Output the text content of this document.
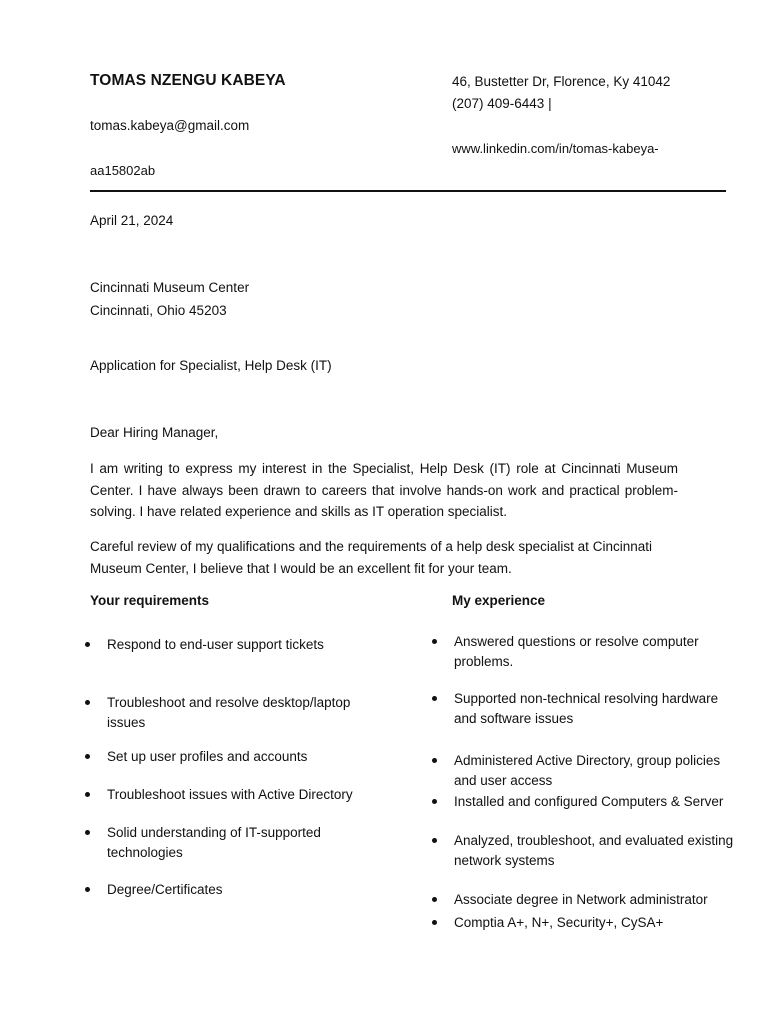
TOMAS NZENGU KABEYA	46, Bustetter Dr, Florence, Ky 41042
(207) 409-6443 |
tomas.kabeya@gmail.com
www.linkedin.com/in/tomas-kabeya-
aa15802ab
April 21, 2024
Cincinnati Museum Center
Cincinnati, Ohio 45203
Application for Specialist, Help Desk (IT)
Dear Hiring Manager,
I am writing to express my interest in the Specialist, Help Desk (IT) role at Cincinnati Museum Center. I have always been drawn to careers that involve hands-on work and practical problem-solving. I have related experience and skills as IT operation specialist.
Careful review of my qualifications and the requirements of a help desk specialist at Cincinnati Museum Center, I believe that I would be an excellent fit for your team.
Your requirements	My experience
Respond to end-user support tickets
Troubleshoot and resolve desktop/laptop issues
Set up user profiles and accounts
Troubleshoot issues with Active Directory
Solid understanding of IT-supported technologies
Degree/Certificates
Answered questions or resolve computer problems.
Supported non-technical resolving hardware and software issues
Administered Active Directory, group policies and user access
Installed and configured Computers & Server
Analyzed, troubleshoot, and evaluated existing network systems
Associate degree in Network administrator
Comptia A+, N+, Security+, CySA+
